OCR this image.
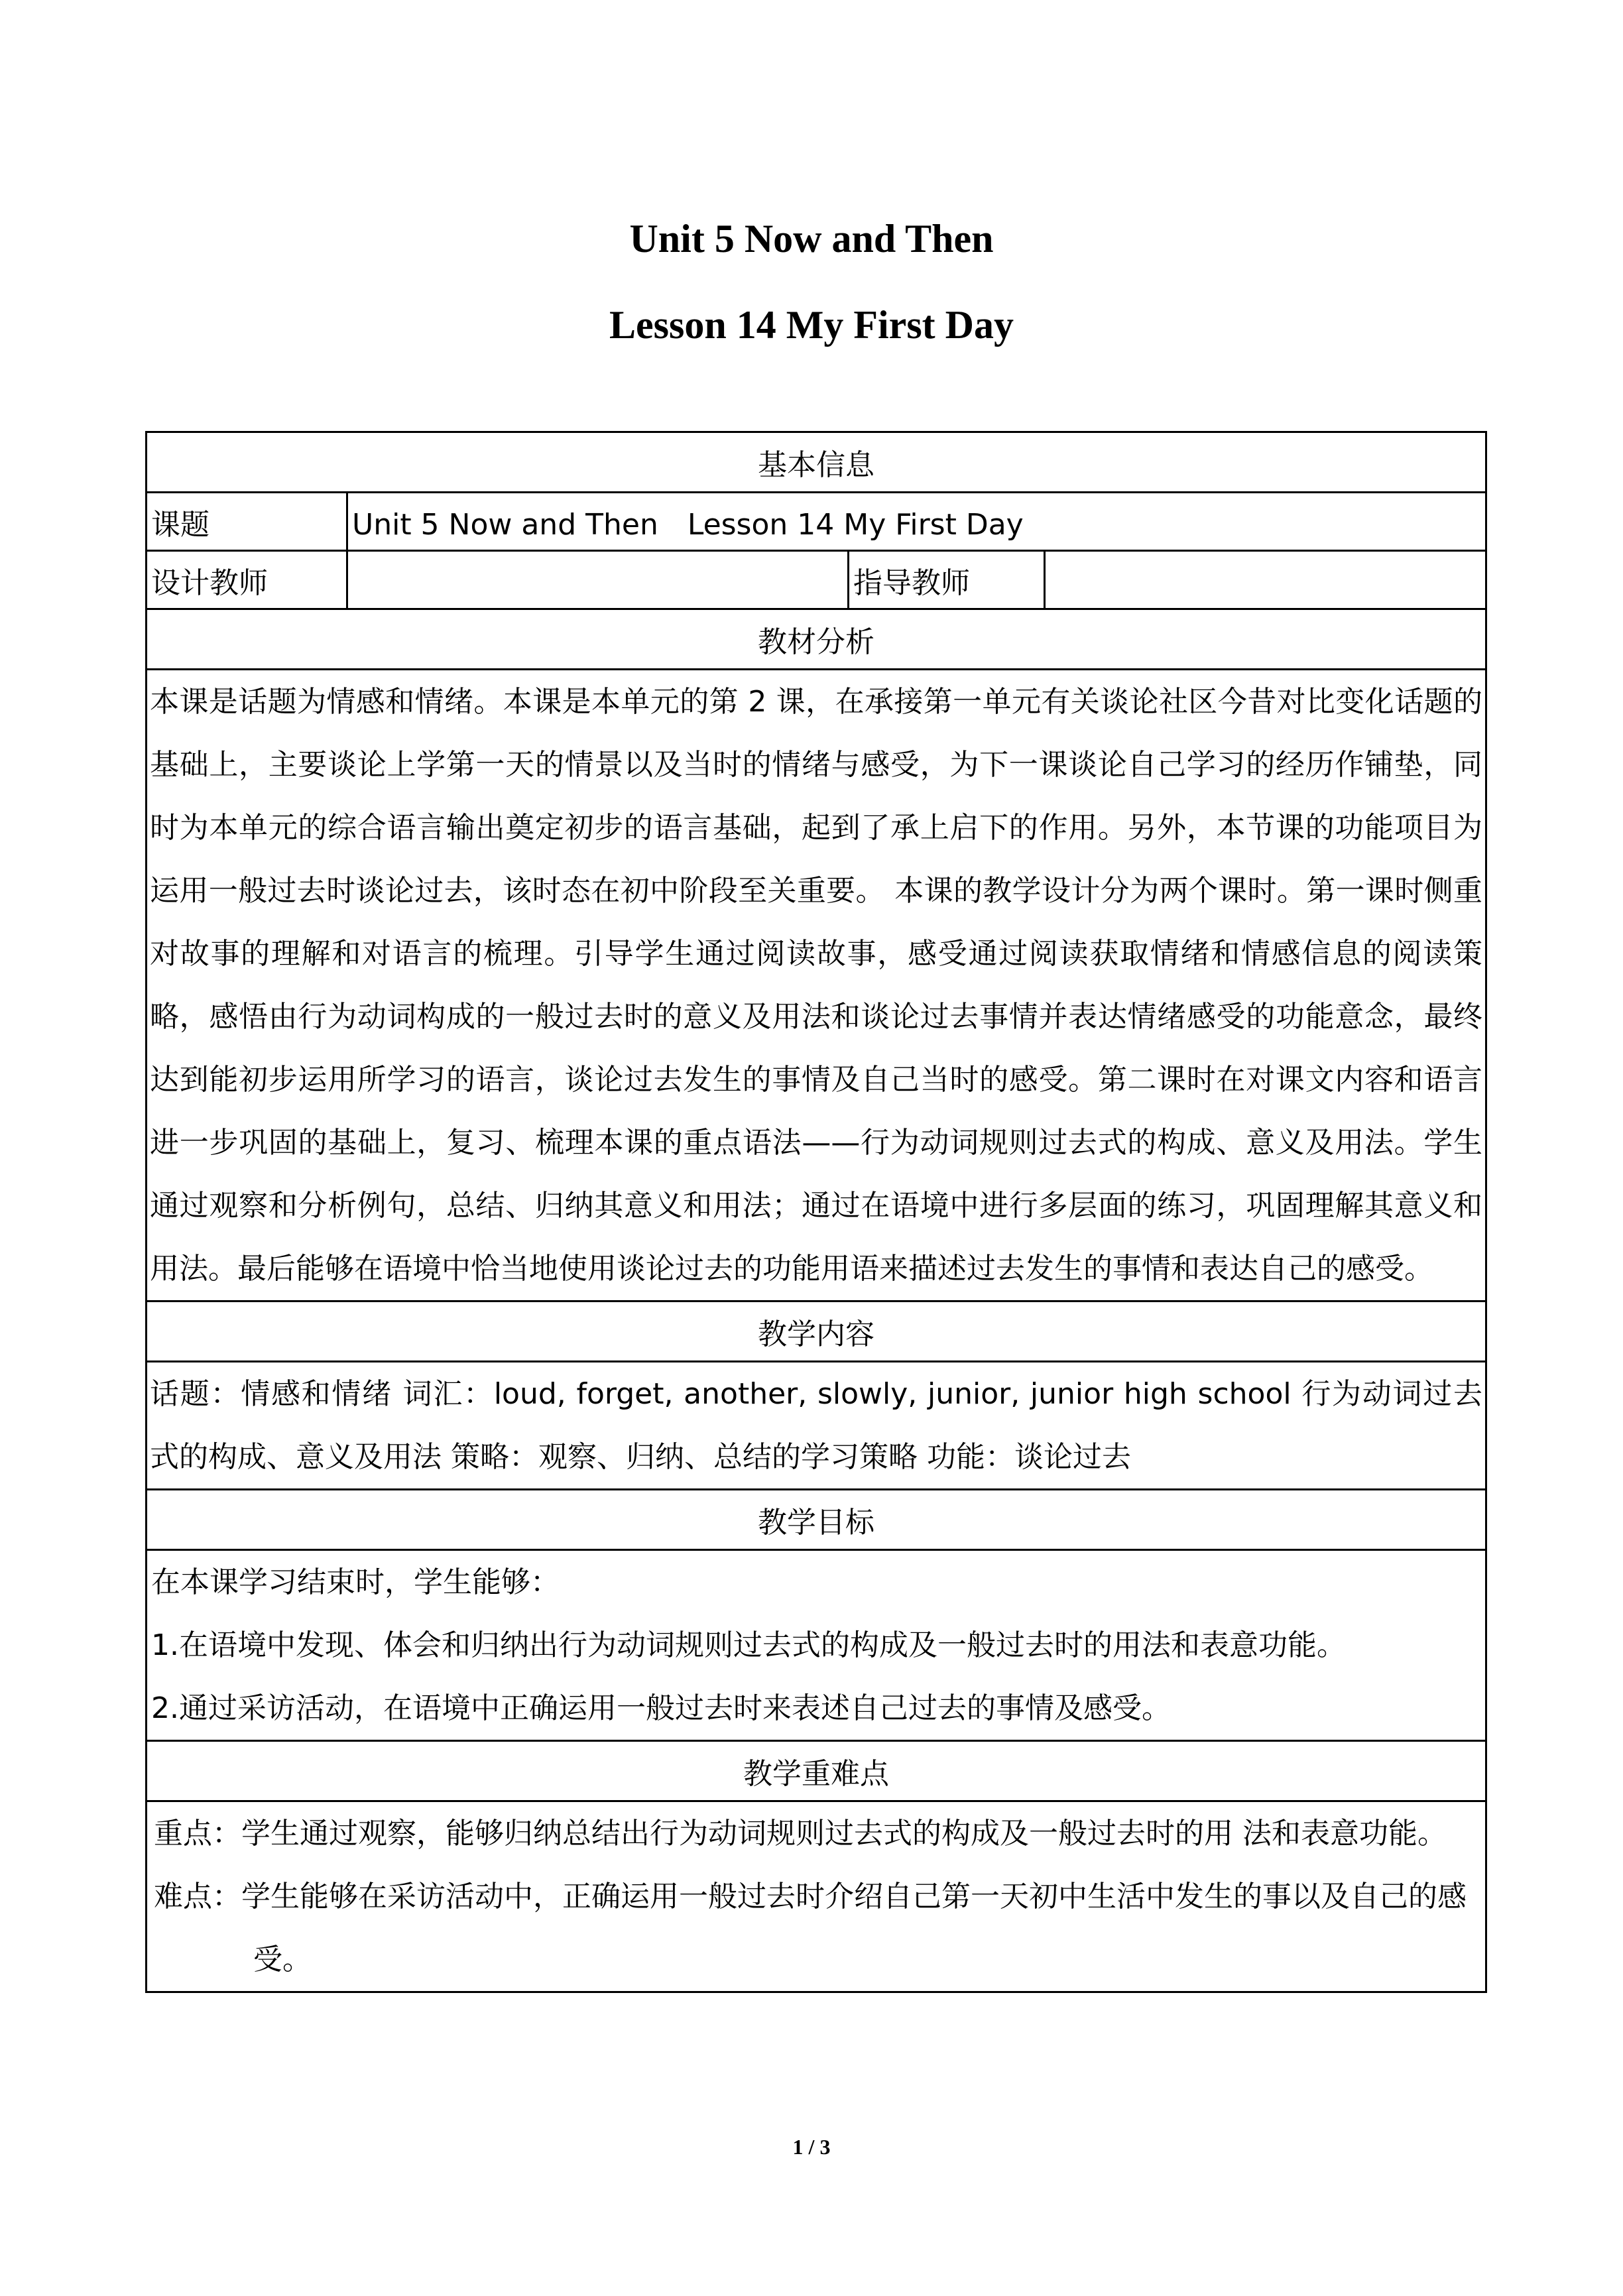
Unit 5 Now and Then
Lesson 14 My First Day
基本信息			
课题	Unit 5 Now and Then　Lesson 14 My First Day		
设计教师		指导教师	
教材分析			
本课是话题为情感和情绪。本课是本单元的第 2 课，在承接第一单元有关谈论社区今昔对比变化话题的基础上，主要谈论上学第一天的情景以及当时的情绪与感受，为下一课谈论自己学习的经历作铺垫，同时为本单元的综合语言输出奠定初步的语言基础，起到了承上启下的作用。另外，本节课的功能项目为运用一般过去时谈论过去，该时态在初中阶段至关重要。 本课的教学设计分为两个课时。第一课时侧重对故事的理解和对语言的梳理。引导学生通过阅读故事，感受通过阅读获取情绪和情感信息的阅读策略，感悟由行为动词构成的一般过去时的意义及用法和谈论过去事情并表达情绪感受的功能意念，最终达到能初步运用所学习的语言，谈论过去发生的事情及自己当时的感受。第二课时在对课文内容和语言进一步巩固的基础上，复习、梳理本课的重点语法——行为动词规则过去式的构成、意义及用法。学生通过观察和分析例句，总结、归纳其意义和用法；通过在语境中进行多层面的练习，巩固理解其意义和用法。最后能够在语境中恰当地使用谈论过去的功能用语来描述过去发生的事情和表达自己的感受。			
教学内容			
话题：情感和情绪 词汇：loud, forget, another, slowly, junior, junior high school 行为动词过去式的构成、意义及用法 策略：观察、归纳、总结的学习策略 功能：谈论过去			
教学目标			

在本课学习结束时，学生能够：
1.在语境中发现、体会和归纳出行为动词规则过去式的构成及一般过去时的用法和表意功能。
2.通过采访活动，在语境中正确运用一般过去时来表述自己过去的事情及感受。			

教学重难点			

重点：学生通过观察，能够归纳总结出行为动词规则过去式的构成及一般过去时的用 法和表意功能。

难点：学生能够在采访活动中，正确运用一般过去时介绍自己第一天初中生活中发生的事以及自己的感受。			

1 / 3
